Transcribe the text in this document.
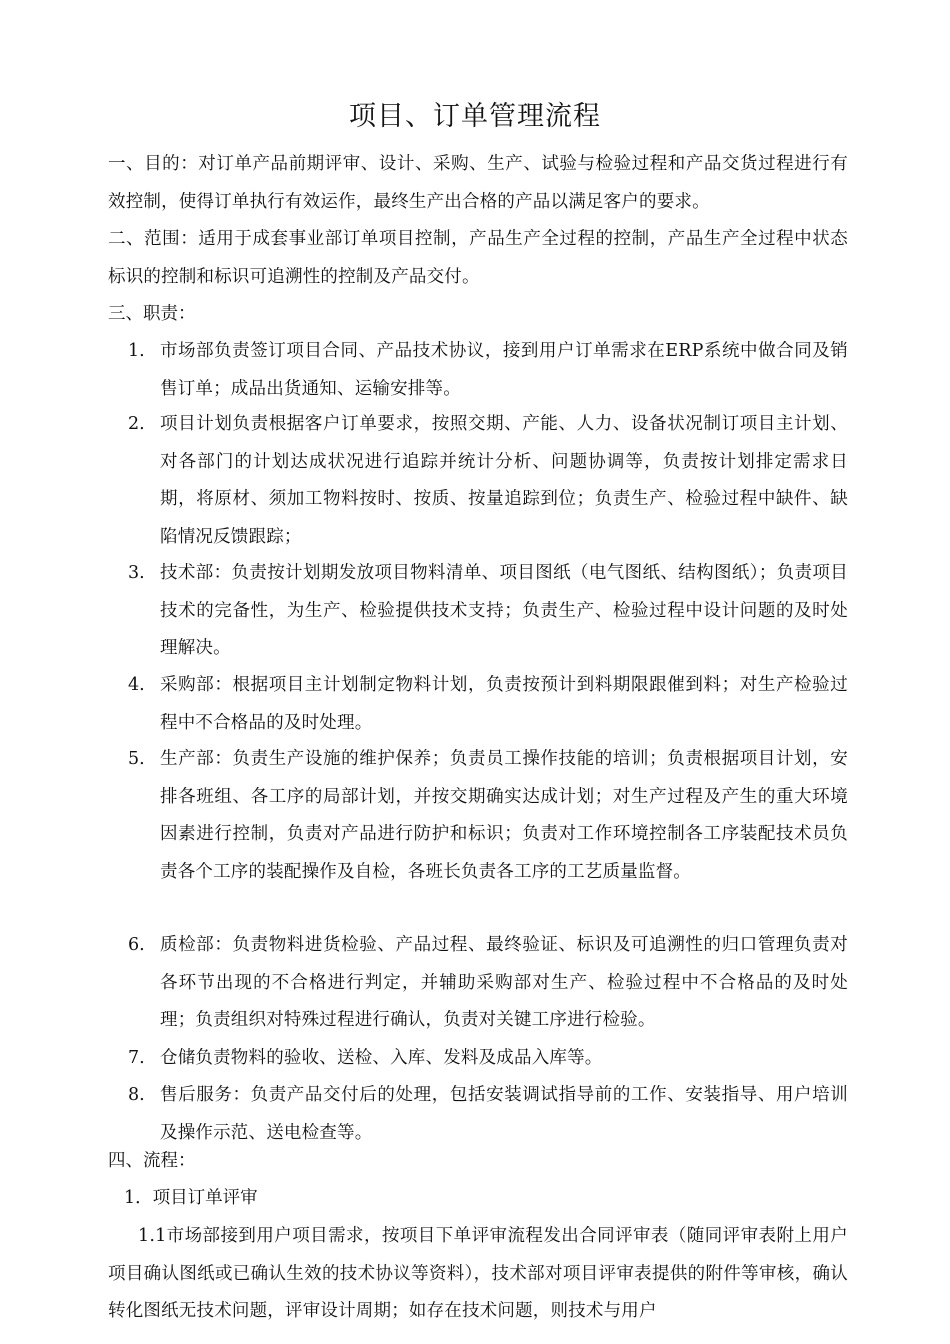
项目、订单管理流程
一、目的：对订单产品前期评审、设计、采购、生产、试验与检验过程和产品交货过程进行有效控制，使得订单执行有效运作，最终生产出合格的产品以满足客户的要求。
二、范围：适用于成套事业部订单项目控制，产品生产全过程的控制，产品生产全过程中状态标识的控制和标识可追溯性的控制及产品交付。
三、职责：
1. 市场部负责签订项目合同、产品技术协议，接到用户订单需求在ERP系统中做合同及销售订单；成品出货通知、运输安排等。
2. 项目计划负责根据客户订单要求，按照交期、产能、人力、设备状况制订项目主计划、对各部门的计划达成状况进行追踪并统计分析、问题协调等，负责按计划排定需求日期，将原材、须加工物料按时、按质、按量追踪到位；负责生产、检验过程中缺件、缺陷情况反馈跟踪；
3. 技术部：负责按计划期发放项目物料清单、项目图纸（电气图纸、结构图纸）；负责项目技术的完备性，为生产、检验提供技术支持；负责生产、检验过程中设计问题的及时处理解决。
4. 采购部：根据项目主计划制定物料计划，负责按预计到料期限跟催到料；对生产检验过程中不合格品的及时处理。
5. 生产部：负责生产设施的维护保养；负责员工操作技能的培训；负责根据项目计划，安排各班组、各工序的局部计划，并按交期确实达成计划；对生产过程及产生的重大环境因素进行控制，负责对产品进行防护和标识；负责对工作环境控制各工序装配技术员负责各个工序的装配操作及自检，各班长负责各工序的工艺质量监督。
6. 质检部：负责物料进货检验、产品过程、最终验证、标识及可追溯性的归口管理负责对各环节出现的不合格进行判定，并辅助采购部对生产、检验过程中不合格品的及时处理；负责组织对特殊过程进行确认，负责对关键工序进行检验。
7. 仓储负责物料的验收、送检、入库、发料及成品入库等。
8. 售后服务：负责产品交付后的处理，包括安装调试指导前的工作、安装指导、用户培训及操作示范、送电检查等。
四、流程：
1．项目订单评审
1.1市场部接到用户项目需求，按项目下单评审流程发出合同评审表（随同评审表附上用户项目确认图纸或已确认生效的技术协议等资料），技术部对项目评审表提供的附件等审核，确认转化图纸无技术问题，评审设计周期；如存在技术问题，则技术与用户
